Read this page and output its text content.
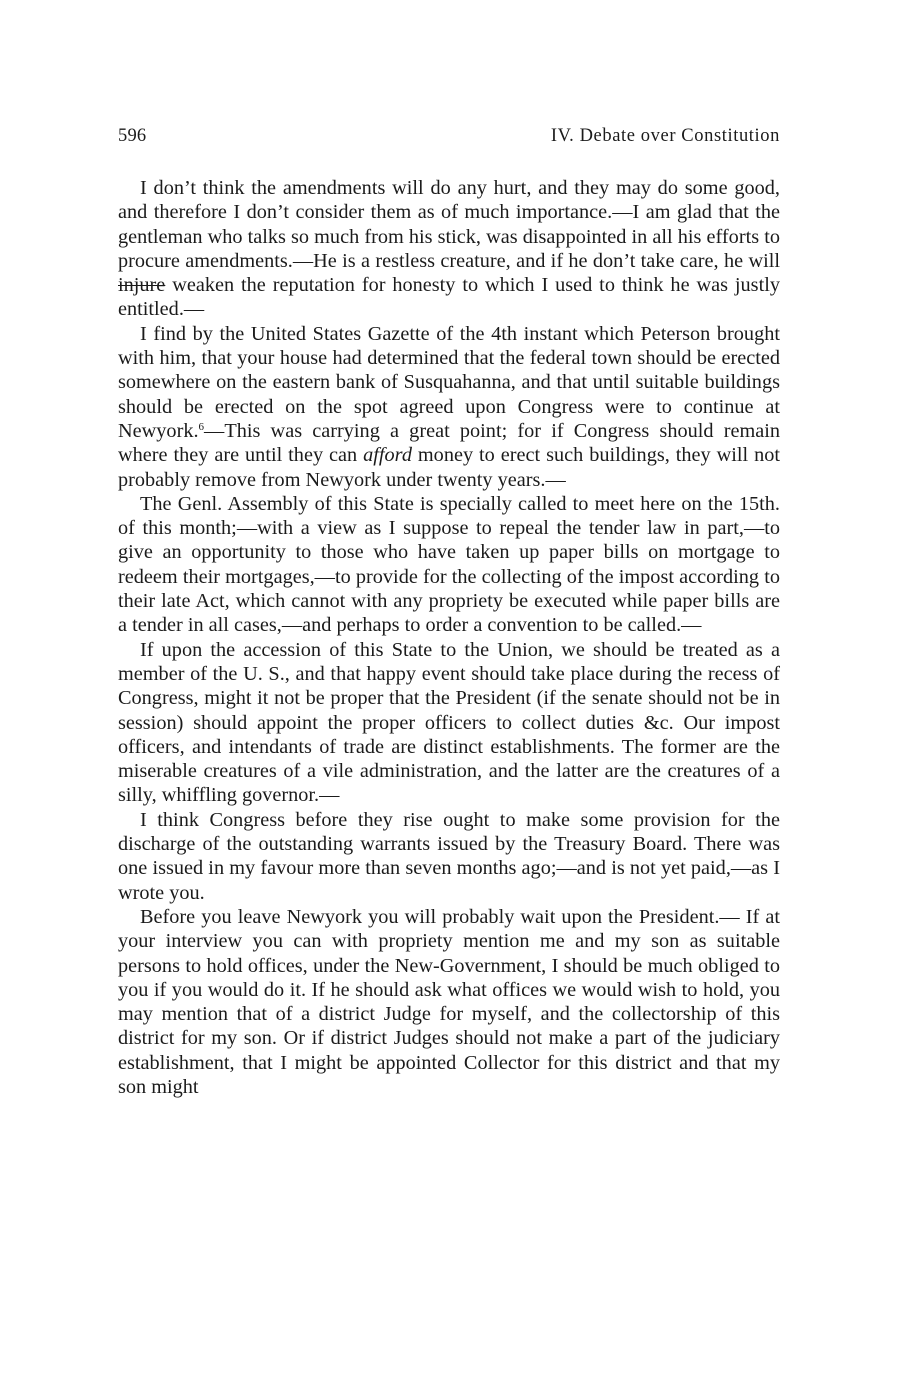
596	IV. Debate over Constitution

I don’t think the amendments will do any hurt, and they may do some good, and therefore I don’t consider them as of much importance.—I am glad that the gentleman who talks so much from his stick, was disappointed in all his efforts to procure amendments.—He is a restless creature, and if he don’t take care, he will injure weaken the reputation for honesty to which I used to think he was justly entitled.—

I find by the United States Gazette of the 4th instant which Peterson brought with him, that your house had determined that the federal town should be erected somewhere on the eastern bank of Susquahanna, and that until suitable buildings should be erected on the spot agreed upon Congress were to continue at Newyork.$^6$—This was carrying a great point; for if Congress should remain where they are until they can afford money to erect such buildings, they will not probably remove from Newyork under twenty years.—

The Genl. Assembly of this State is specially called to meet here on the 15th. of this month;—with a view as I suppose to repeal the tender law in part,—to give an opportunity to those who have taken up paper bills on mortgage to redeem their mortgages,—to provide for the collecting of the impost according to their late Act, which cannot with any propriety be executed while paper bills are a tender in all cases,—and perhaps to order a convention to be called.—

If upon the accession of this State to the Union, we should be treated as a member of the U. S., and that happy event should take place during the recess of Congress, might it not be proper that the President (if the senate should not be in session) should appoint the proper officers to collect duties &c. Our impost officers, and intendants of trade are distinct establishments. The former are the miserable creatures of a vile administration, and the latter are the creatures of a silly, whiffling governor.—

I think Congress before they rise ought to make some provision for the discharge of the outstanding warrants issued by the Treasury Board. There was one issued in my favour more than seven months ago;—and is not yet paid,—as I wrote you.

Before you leave Newyork you will probably wait upon the President.— If at your interview you can with propriety mention me and my son as suitable persons to hold offices, under the New-Government, I should be much obliged to you if you would do it. If he should ask what offices we would wish to hold, you may mention that of a district Judge for myself, and the collectorship of this district for my son. Or if district Judges should not make a part of the judiciary establishment, that I might be appointed Collector for this district and that my son might
